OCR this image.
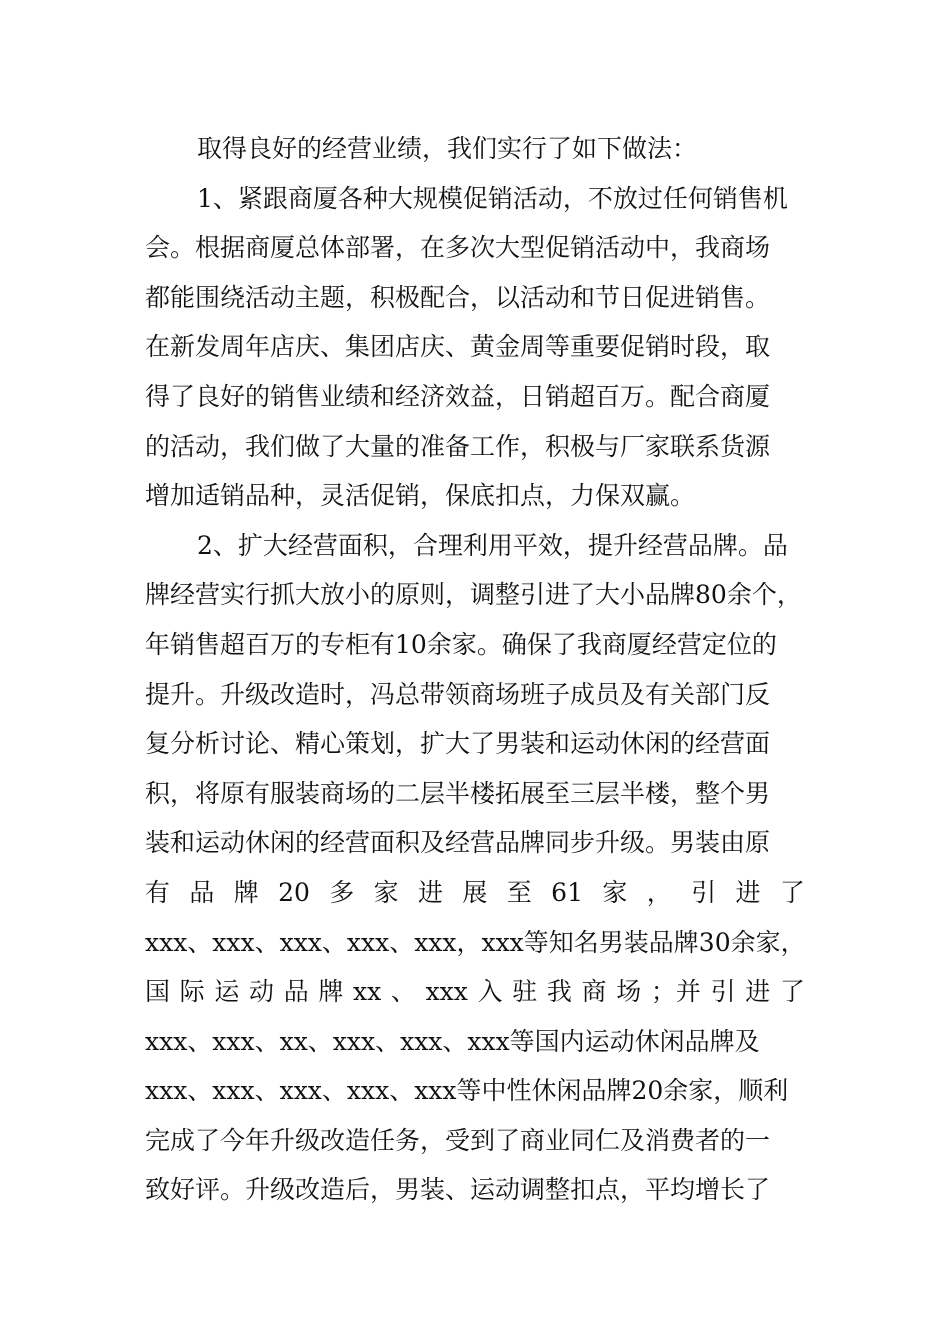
取得良好的经营业绩，我们实行了如下做法：
1、紧跟商厦各种大规模促销活动，不放过任何销售机
会。根据商厦总体部署，在多次大型促销活动中，我商场
都能围绕活动主题，积极配合，以活动和节日促进销售。
在新发周年店庆、集团店庆、黄金周等重要促销时段，取
得了良好的销售业绩和经济效益，日销超百万。配合商厦
的活动，我们做了大量的准备工作，积极与厂家联系货源
增加适销品种，灵活促销，保底扣点，力保双赢。
2、扩大经营面积，合理利用平效，提升经营品牌。品
牌经营实行抓大放小的原则，调整引进了大小品牌80余个，
年销售超百万的专柜有10余家。确保了我商厦经营定位的
提升。升级改造时，冯总带领商场班子成员及有关部门反
复分析讨论、精心策划，扩大了男装和运动休闲的经营面
积，将原有服装商场的二层半楼拓展至三层半楼，整个男
装和运动休闲的经营面积及经营品牌同步升级。男装由原
有 品 牌 20 多 家 进 展 至 61 家 ， 引 进 了
xxx、xxx、xxx、xxx、xxx，xxx等知名男装品牌30余家，
国 际 运 动 品 牌 xx 、 xxx 入 驻 我 商 场 ；并 引 进 了
xxx、xxx、xx、xxx、xxx、xxx等国内运动休闲品牌及
xxx、xxx、xxx、xxx、xxx等中性休闲品牌20余家，顺利
完成了今年升级改造任务，受到了商业同仁及消费者的一
致好评。升级改造后，男装、运动调整扣点，平均增长了
